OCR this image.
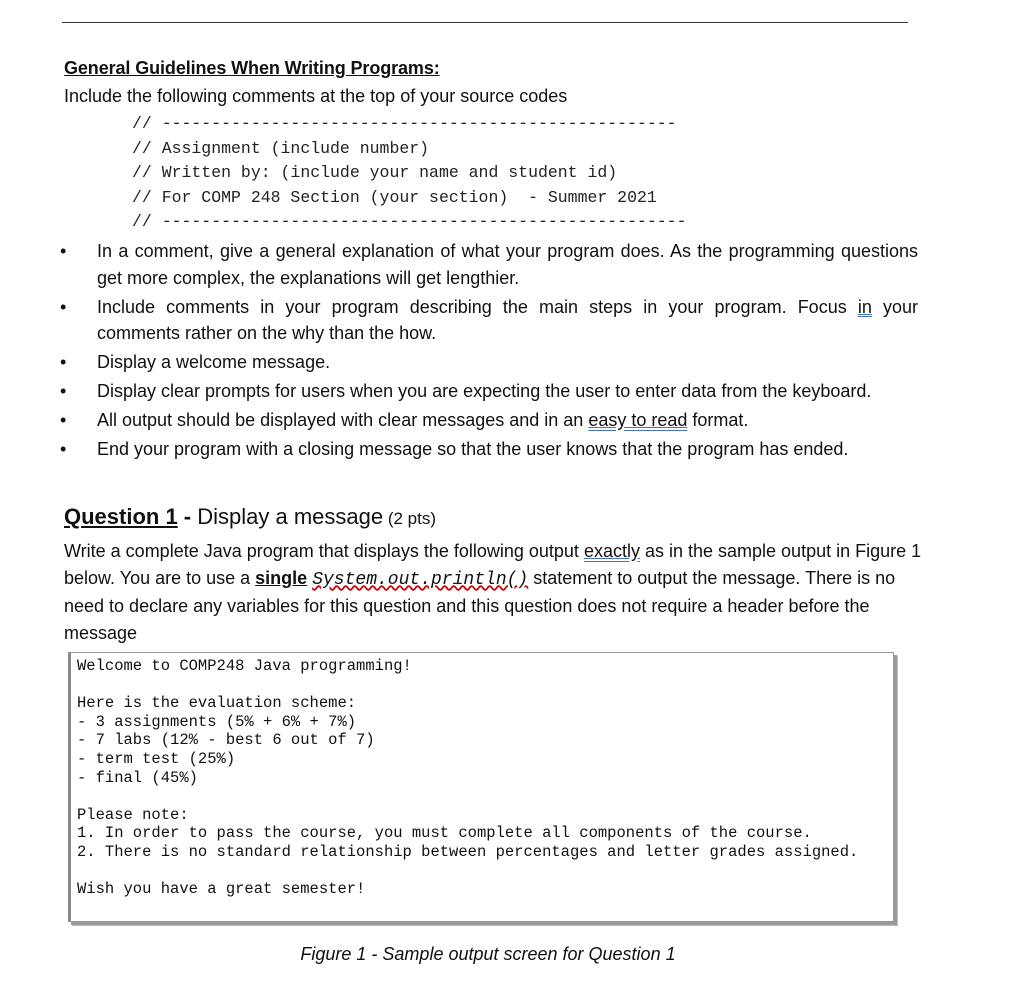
General Guidelines When Writing Programs:
Include the following comments at the top of your source codes
// ----------------------------------------------------
// Assignment (include number)
// Written by: (include your name and student id)
// For COMP 248 Section (your section)  - Summer 2021
// -----------------------------------------------------
• In a comment, give a general explanation of what your program does. As the programming questions get more complex, the explanations will get lengthier.
• Include comments in your program describing the main steps in your program. Focus in your comments rather on the why than the how.
• Display a welcome message.
• Display clear prompts for users when you are expecting the user to enter data from the keyboard.
• All output should be displayed with clear messages and in an easy to read format.
• End your program with a closing message so that the user knows that the program has ended.
Question 1 - Display a message (2 pts)
Write a complete Java program that displays the following output exactly as in the sample output in Figure 1 below. You are to use a single System.out.println() statement to output the message. There is no need to declare any variables for this question and this question does not require a header before the message
Welcome to COMP248 Java programming!
Here is the evaluation scheme:
- 3 assignments (5% + 6% + 7%)
- 7 labs (12% - best 6 out of 7)
- term test (25%)
- final (45%)
Please note:
1. In order to pass the course, you must complete all components of the course.
2. There is no standard relationship between percentages and letter grades assigned.
Wish you have a great semester!
Figure 1 - Sample output screen for Question 1
